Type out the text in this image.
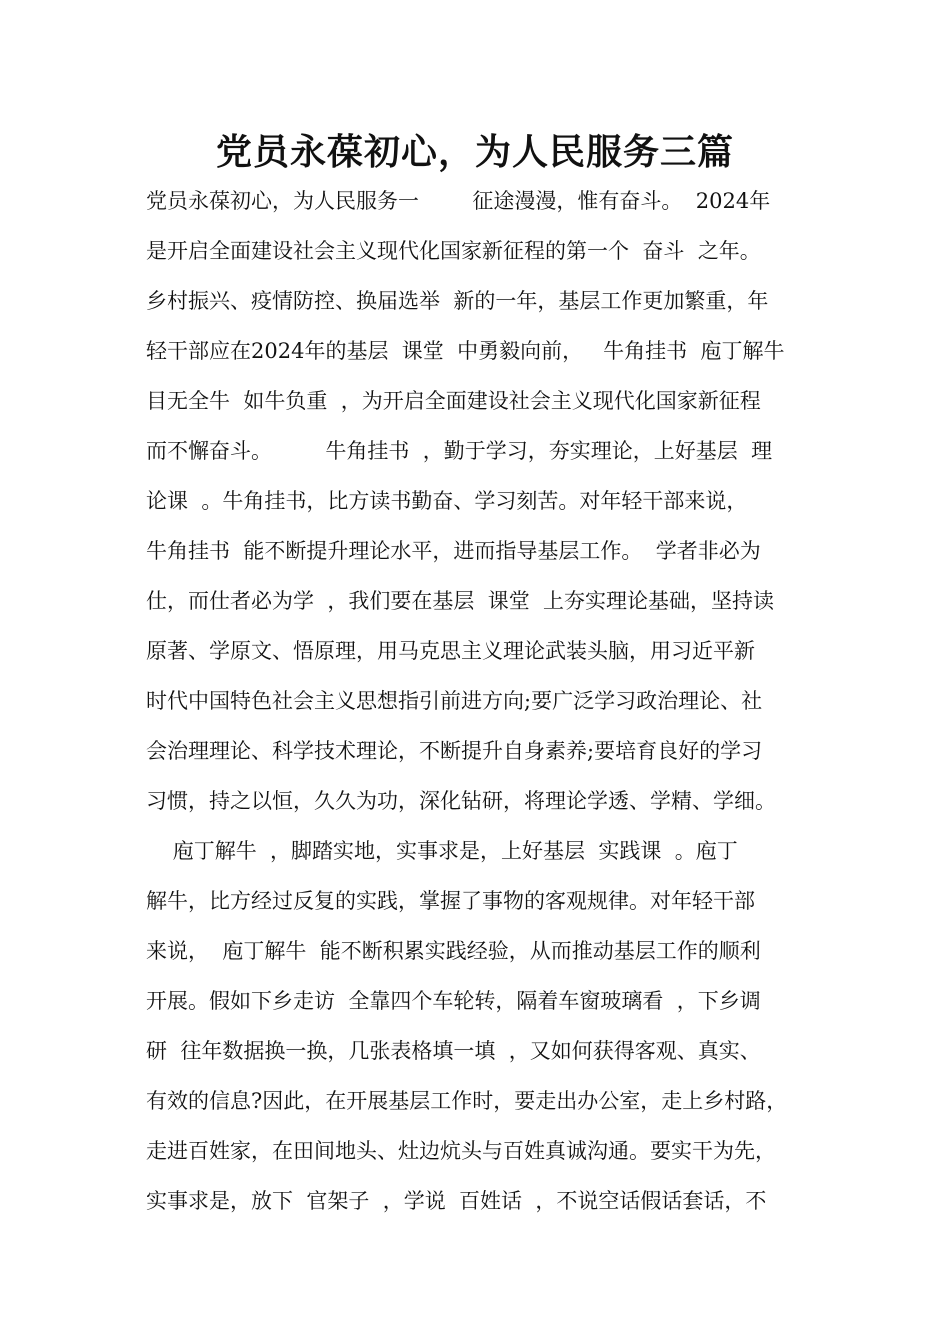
党员永葆初心，为人民服务三篇
党员永葆初心，为人民服务一        征途漫漫，惟有奋斗。  2024年
是开启全面建设社会主义现代化国家新征程的第一个  奋斗  之年。
乡村振兴、疫情防控、换届选举  新的一年，基层工作更加繁重，年
轻干部应在2024年的基层  课堂  中勇毅向前，   牛角挂书  庖丁解牛
目无全牛  如牛负重  ，为开启全面建设社会主义现代化国家新征程
而不懈奋斗。        牛角挂书  ，勤于学习，夯实理论，上好基层  理
论课  。牛角挂书，比方读书勤奋、学习刻苦。对年轻干部来说，
牛角挂书  能不断提升理论水平，进而指导基层工作。  学者非必为
仕，而仕者必为学  ，我们要在基层  课堂  上夯实理论基础，坚持读
原著、学原文、悟原理，用马克思主义理论武装头脑，用习近平新
时代中国特色社会主义思想指引前进方向;要广泛学习政治理论、社
会治理理论、科学技术理论，不断提升自身素养;要培育良好的学习
习惯，持之以恒，久久为功，深化钻研，将理论学透、学精、学细。
庖丁解牛  ，脚踏实地，实事求是，上好基层  实践课  。庖丁
解牛，比方经过反复的实践，掌握了事物的客观规律。对年轻干部
来说，  庖丁解牛  能不断积累实践经验，从而推动基层工作的顺利
开展。假如下乡走访  全靠四个车轮转，隔着车窗玻璃看  ，下乡调
研  往年数据换一换，几张表格填一填  ，又如何获得客观、真实、
有效的信息?因此，在开展基层工作时，要走出办公室，走上乡村路，
走进百姓家，在田间地头、灶边炕头与百姓真诚沟通。要实干为先，
实事求是，放下  官架子  ，学说  百姓话  ，不说空话假话套话，不
